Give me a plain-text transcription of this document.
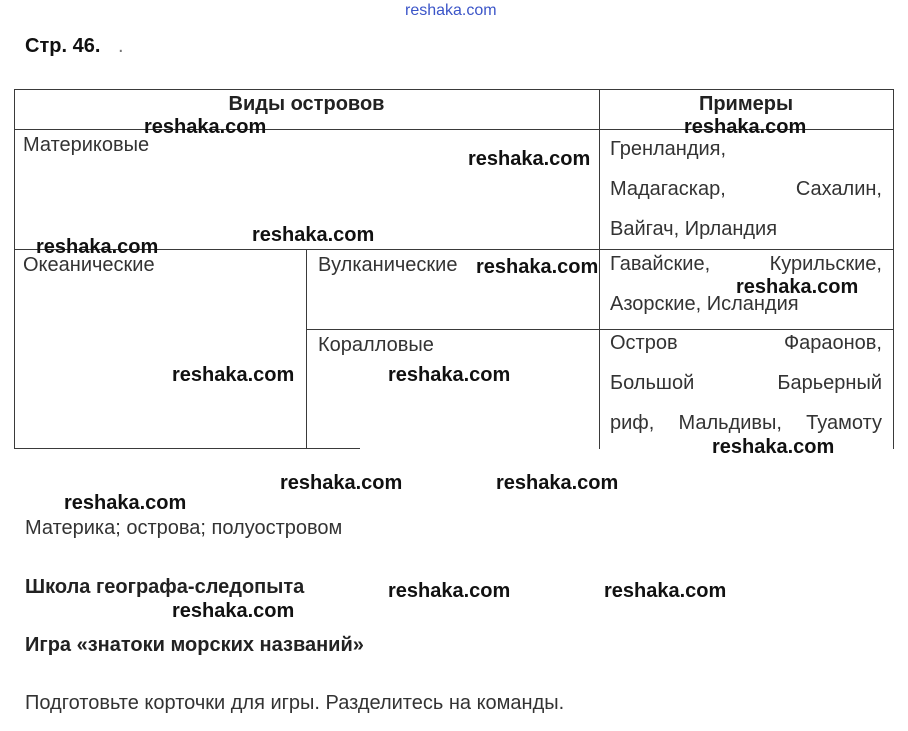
reshaka.com
Стр. 46. .
Виды островов	Примеры
Материковые	Гренландия,
Мадагаскар, Сахалин,
Вайгач, Ирландия
Океанические	Вулканические	Гавайские, Курильские,
Азорские, Исландия
Коралловые	Остров Фараонов,
Большой Барьерный
риф, Мальдивы, Туамоту
Материка; острова; полуостровом
Школа географа-следопыта
Игра «знатоки морских названий»
Подготовьте корточки для игры. Разделитесь на команды.
reshaka.com	reshaka.com
reshaka.com
reshaka.com
reshaka.com
reshaka.com
reshaka.com
reshaka.com	reshaka.com
reshaka.com
reshaka.com	reshaka.com
reshaka.com
reshaka.com	reshaka.com
reshaka.com
